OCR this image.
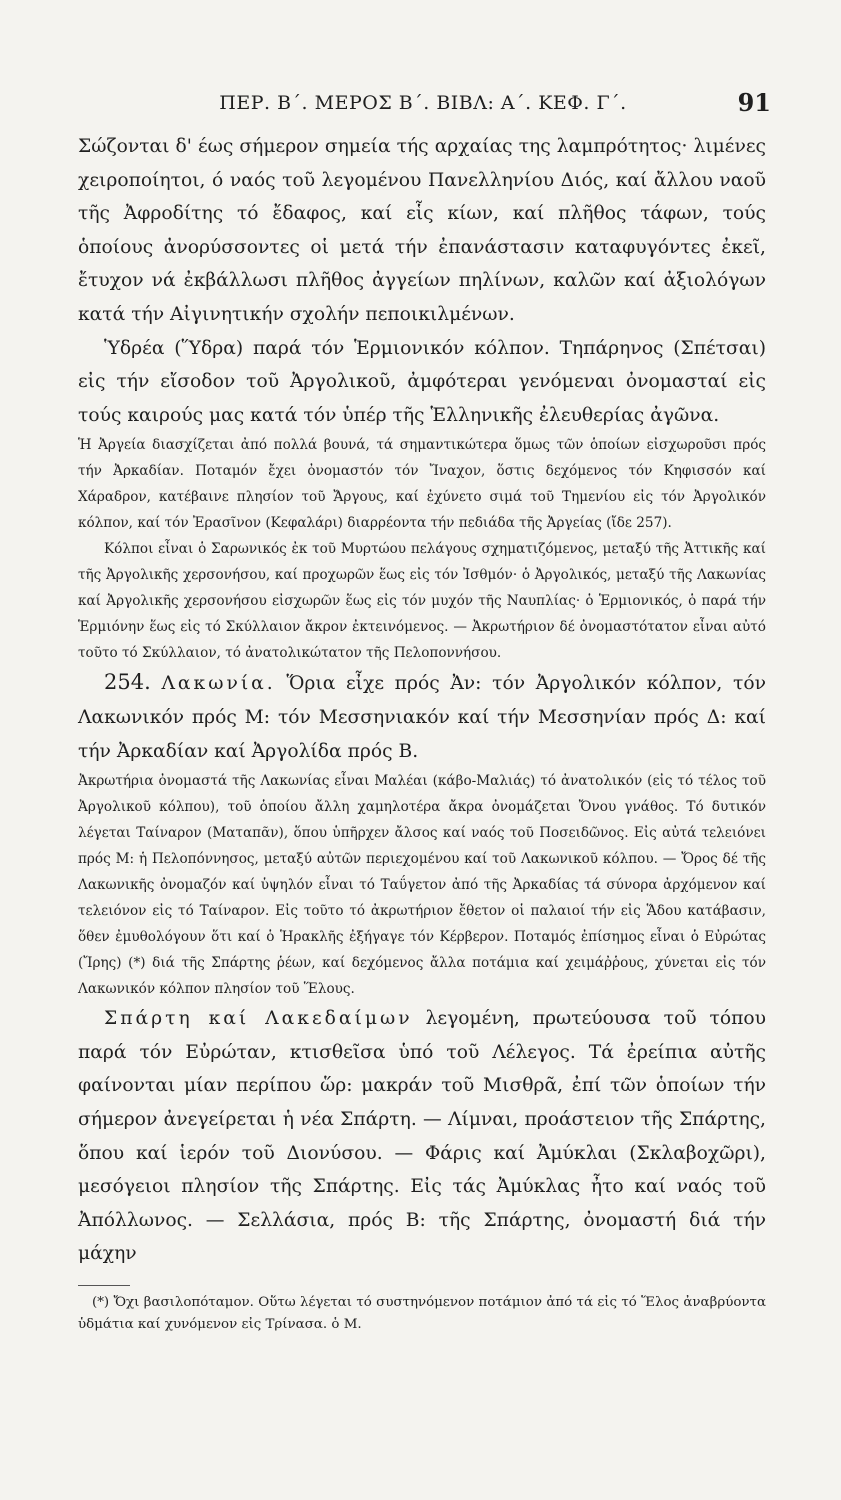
ΠΕΡ. Β΄. ΜΕΡΟΣ Β΄. ΒΙΒΛ: Α΄. ΚΕΦ. Γ΄.	91

Σώζονται δ' έως σήμερον σημεία τής αρχαίας της λαμπρότητος· λιμένες χειροποίητοι, ό ναός τοῦ λεγομένου Πανελληνίου Διός, καί ἄλλου ναοῦ τῆς Ἀφροδίτης τό ἔδαφος, καί εἷς κίων, καί πλῆθος τάφων, τούς ὁποίους ἀνορύσσοντες οἱ μετά τήν ἐπανάστασιν καταφυγόντες ἐκεῖ, ἔτυχον νά ἐκβάλλωσι πλῆθος ἀγγείων πηλίνων, καλῶν καί ἀξιολόγων κατά τήν Αἰγινητικήν σχολήν πεποικιλμένων.

Ὑδρέα (Ὕδρα) παρά τόν Ἑρμιονικόν κόλπον. Τηπάρηνος (Σπέτσαι) εἰς τήν εἴσοδον τοῦ Ἀργολικοῦ, ἀμφότεραι γενόμεναι ὀνομασταί εἰς τούς καιρούς μας κατά τόν ὑπέρ τῆς Ἑλληνικῆς ἐλευθερίας ἀγῶνα.

Ἡ Ἀργεία διασχίζεται ἀπό πολλά βουνά, τά σημαντικώτερα ὅμως τῶν ὁποίων εἰσχωροῦσι πρός τήν Ἀρκαδίαν. Ποταμόν ἔχει ὀνομαστόν τόν Ἴναχον, ὅστις δεχόμενος τόν Κηφισσόν καί Χάραδρον, κατέβαινε πλησίον τοῦ Ἄργους, καί ἐχύνετο σιμά τοῦ Τημενίου εἰς τόν Ἀργολικόν κόλπον, καί τόν Ἐρασῖνον (Κεφαλάρι) διαρρέοντα τήν πεδιάδα τῆς Ἀργείας (ἴδε 257).

Κόλποι εἶναι ὁ Σαρωνικός ἐκ τοῦ Μυρτώου πελάγους σχηματιζόμενος, μεταξύ τῆς Ἀττικῆς καί τῆς Ἀργολικῆς χερσονήσου, καί προχωρῶν ἕως εἰς τόν Ἰσθμόν· ὁ Ἀργολικός, μεταξύ τῆς Λακωνίας καί Ἀργολικῆς χερσονήσου εἰσχωρῶν ἕως εἰς τόν μυχόν τῆς Ναυπλίας· ὁ Ἑρμιονικός, ὁ παρά τήν Ἑρμιόνην ἕως εἰς τό Σκύλλαιον ἄκρον ἐκτεινόμενος. — Ἀκρωτήριον δέ ὀνομαστότατον εἶναι αὐτό τοῦτο τό Σκύλλαιον, τό ἀνατολικώτατον τῆς Πελοποννήσου.

254. Λακωνία. Ὅρια εἶχε πρός Ἀν: τόν Ἀργολικόν κόλπον, τόν Λακωνικόν πρός Μ: τόν Μεσσηνιακόν καί τήν Μεσσηνίαν πρός Δ: καί τήν Ἀρκαδίαν καί Ἀργολίδα πρός Β.

Ἀκρωτήρια ὀνομαστά τῆς Λακωνίας εἶναι Μαλέαι (κάβο-Μαλιάς) τό ἀνατολικόν (εἰς τό τέλος τοῦ Ἀργολικοῦ κόλπου), τοῦ ὁποίου ἄλλη χαμηλοτέρα ἄκρα ὀνομάζεται Ὄνου γνάθος. Τό δυτικόν λέγεται Ταίναρον (Ματαπᾶν), ὅπου ὑπῆρχεν ἄλσος καί ναός τοῦ Ποσειδῶνος. Εἰς αὐτά τελειόνει πρός Μ: ἡ Πελοπόννησος, μεταξύ αὐτῶν περιεχομένου καί τοῦ Λακωνικοῦ κόλπου. — Ὄρος δέ τῆς Λακωνικῆς ὀνομαζόν καί ὑψηλόν εἶναι τό Ταΰγετον ἀπό τῆς Ἀρκαδίας τά σύνορα ἀρχόμενον καί τελειόνον εἰς τό Ταίναρον. Εἰς τοῦτο τό ἀκρωτήριον ἔθετον οἱ παλαιοί τήν εἰς Ἅδου κατάβασιν, ὅθεν ἐμυθολόγουν ὅτι καί ὁ Ἡρακλῆς ἐξήγαγε τόν Κέρβερον. Ποταμός ἐπίσημος εἶναι ὁ Εὐρώτας (Ἴρης) (*) διά τῆς Σπάρτης ῥέων, καί δεχόμενος ἄλλα ποτάμια καί χειμάῤῥους, χύνεται εἰς τόν Λακωνικόν κόλπον πλησίον τοῦ Ἕλους.

Σπάρτη καί Λακεδαίμων λεγομένη, πρωτεύουσα τοῦ τόπου παρά τόν Εὐρώταν, κτισθεῖσα ὑπό τοῦ Λέλεγος. Τά ἐρείπια αὐτῆς φαίνονται μίαν περίπου ὥρ: μακράν τοῦ Μισθρᾶ, ἐπί τῶν ὁποίων τήν σήμερον ἀνεγείρεται ἡ νέα Σπάρτη. — Λίμναι, προάστειον τῆς Σπάρτης, ὅπου καί ἱερόν τοῦ Διονύσου. — Φάρις καί Ἀμύκλαι (Σκλαβοχῶρι), μεσόγειοι πλησίον τῆς Σπάρτης. Εἰς τάς Ἀμύκλας ἦτο καί ναός τοῦ Ἀπόλλωνος. — Σελλάσια, πρός Β: τῆς Σπάρτης, ὀνομαστή διά τήν μάχην

(*) Ὄχι βασιλοπόταμον. Οὕτω λέγεται τό συστηνόμενον ποτάμιον ἀπό τά εἰς τό Ἕλος ἀναβρύοντα ὑδμάτια καί χυνόμενον εἰς Τρίνασα. ὁ Μ.
